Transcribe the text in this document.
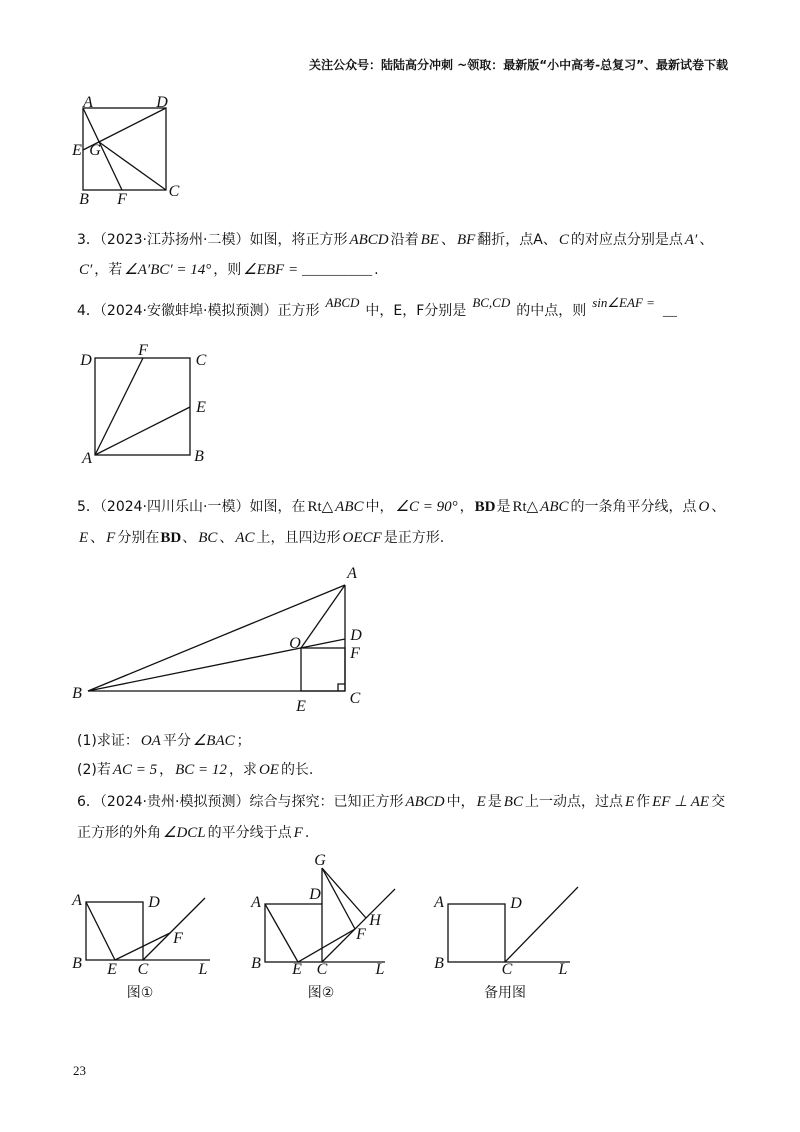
关注公众号：陆陆高分冲刺 ~领取：最新版“小中高考-总复习”、最新试卷下载
A	D
E G
C
B F
3．（2023·江苏扬州·二模）如图，将正方形 ABCD 沿着 BE 、 BF 翻折，点A、 C 的对应点分别是点 A′ 、
C′ ，若 ∠A′BC′ = 14° ，则 ∠EBF = __________ .
4．（2024·安徽蚌埠·模拟预测）正方形ABCD中，E，F分别是BC,CD的中点，则sin∠EAF =__
D
F
C
E
A	B
5．（2024·四川乐山·一模）如图，在 Rt△ ABC 中， ∠C = 90° ，BD是 Rt△ ABC 的一条角平分线，点 O 、
E 、 F 分别在BD、 BC 、 AC 上，且四边形 OECF 是正方形.
A
D
O
F
B
E	C
(1)求证： OA 平分 ∠BAC ；
(2)若 AC = 5 ， BC = 12 ，求 OE 的长.
6．（2024·贵州·模拟预测）综合与探究：已知正方形 ABCD 中， E 是 BC 上一动点，过点 E 作 EF ⊥ AE 交
正方形的外角 ∠DCL 的平分线于点 F .
A	D
B E C
F
L
G
D
A
H
F
B E C	L
A	D
B	C	L
图①	图②	备用图
23
